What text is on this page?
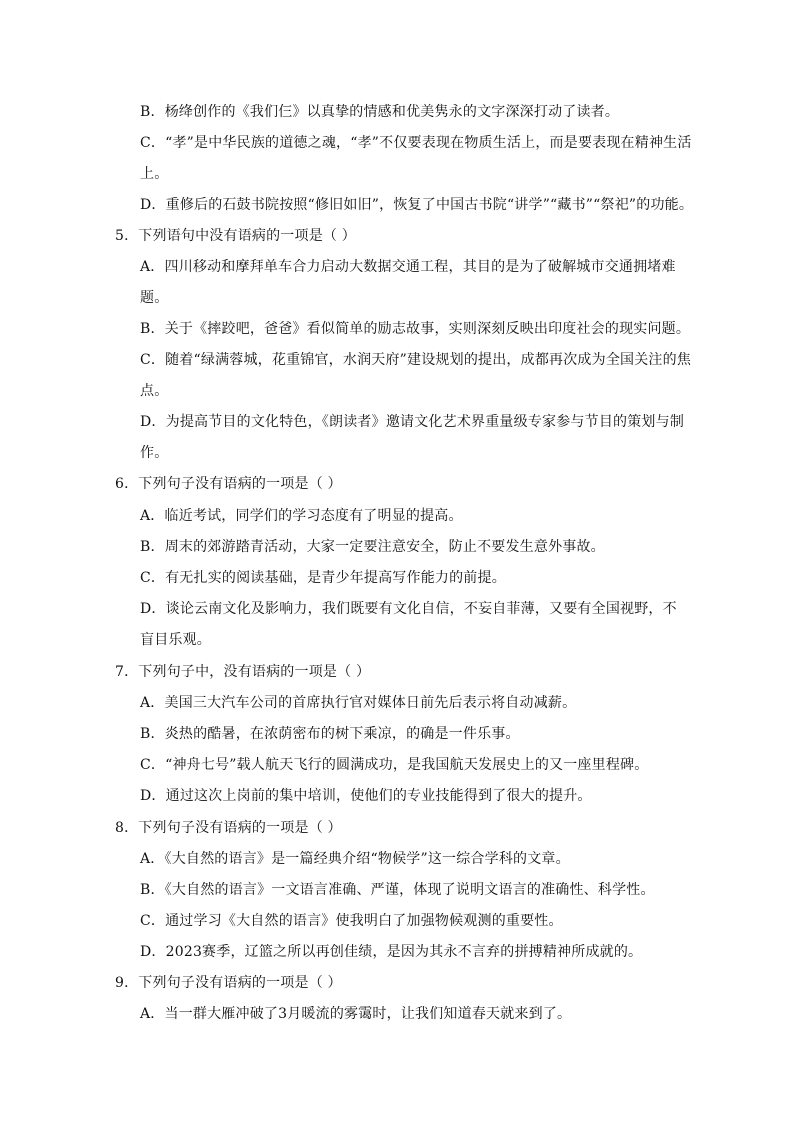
B．杨绛创作的《我们仨》以真挚的情感和优美隽永的文字深深打动了读者。
C．“孝”是中华民族的道德之魂，“孝”不仅要表现在物质生活上，而是要表现在精神生活
上。
D．重修后的石鼓书院按照“修旧如旧”，恢复了中国古书院“讲学”“藏书”“祭祀”的功能。
5．下列语句中没有语病的一项是（ ）
A．四川移动和摩拜单车合力启动大数据交通工程，其目的是为了破解城市交通拥堵难
题。
B．关于《摔跤吧，爸爸》看似简单的励志故事，实则深刻反映出印度社会的现实问题。
C．随着“绿满蓉城，花重锦官，水润天府”建设规划的提出，成都再次成为全国关注的焦
点。
D．为提高节目的文化特色，《朗读者》邀请文化艺术界重量级专家参与节目的策划与制
作。
6．下列句子没有语病的一项是（ ）
A．临近考试，同学们的学习态度有了明显的提高。
B．周末的郊游踏青活动，大家一定要注意安全，防止不要发生意外事故。
C．有无扎实的阅读基础，是青少年提高写作能力的前提。
D．谈论云南文化及影响力，我们既要有文化自信，不妄自菲薄，又要有全国视野，不
盲目乐观。
7．下列句子中，没有语病的一项是（ ）
A．美国三大汽车公司的首席执行官对媒体日前先后表示将自动减薪。
B．炎热的酷暑，在浓荫密布的树下乘凉，的确是一件乐事。
C．“神舟七号”载人航天飞行的圆满成功，是我国航天发展史上的又一座里程碑。
D．通过这次上岗前的集中培训，使他们的专业技能得到了很大的提升。
8．下列句子没有语病的一项是（ ）
A．《大自然的语言》是一篇经典介绍“物候学”这一综合学科的文章。
B．《大自然的语言》一文语言准确、严谨，体现了说明文语言的准确性、科学性。
C．通过学习《大自然的语言》使我明白了加强物候观测的重要性。
D．2023赛季，辽篮之所以再创佳绩，是因为其永不言弃的拼搏精神所成就的。
9．下列句子没有语病的一项是（ ）
A．当一群大雁冲破了3月暖流的雾霭时，让我们知道春天就来到了。
